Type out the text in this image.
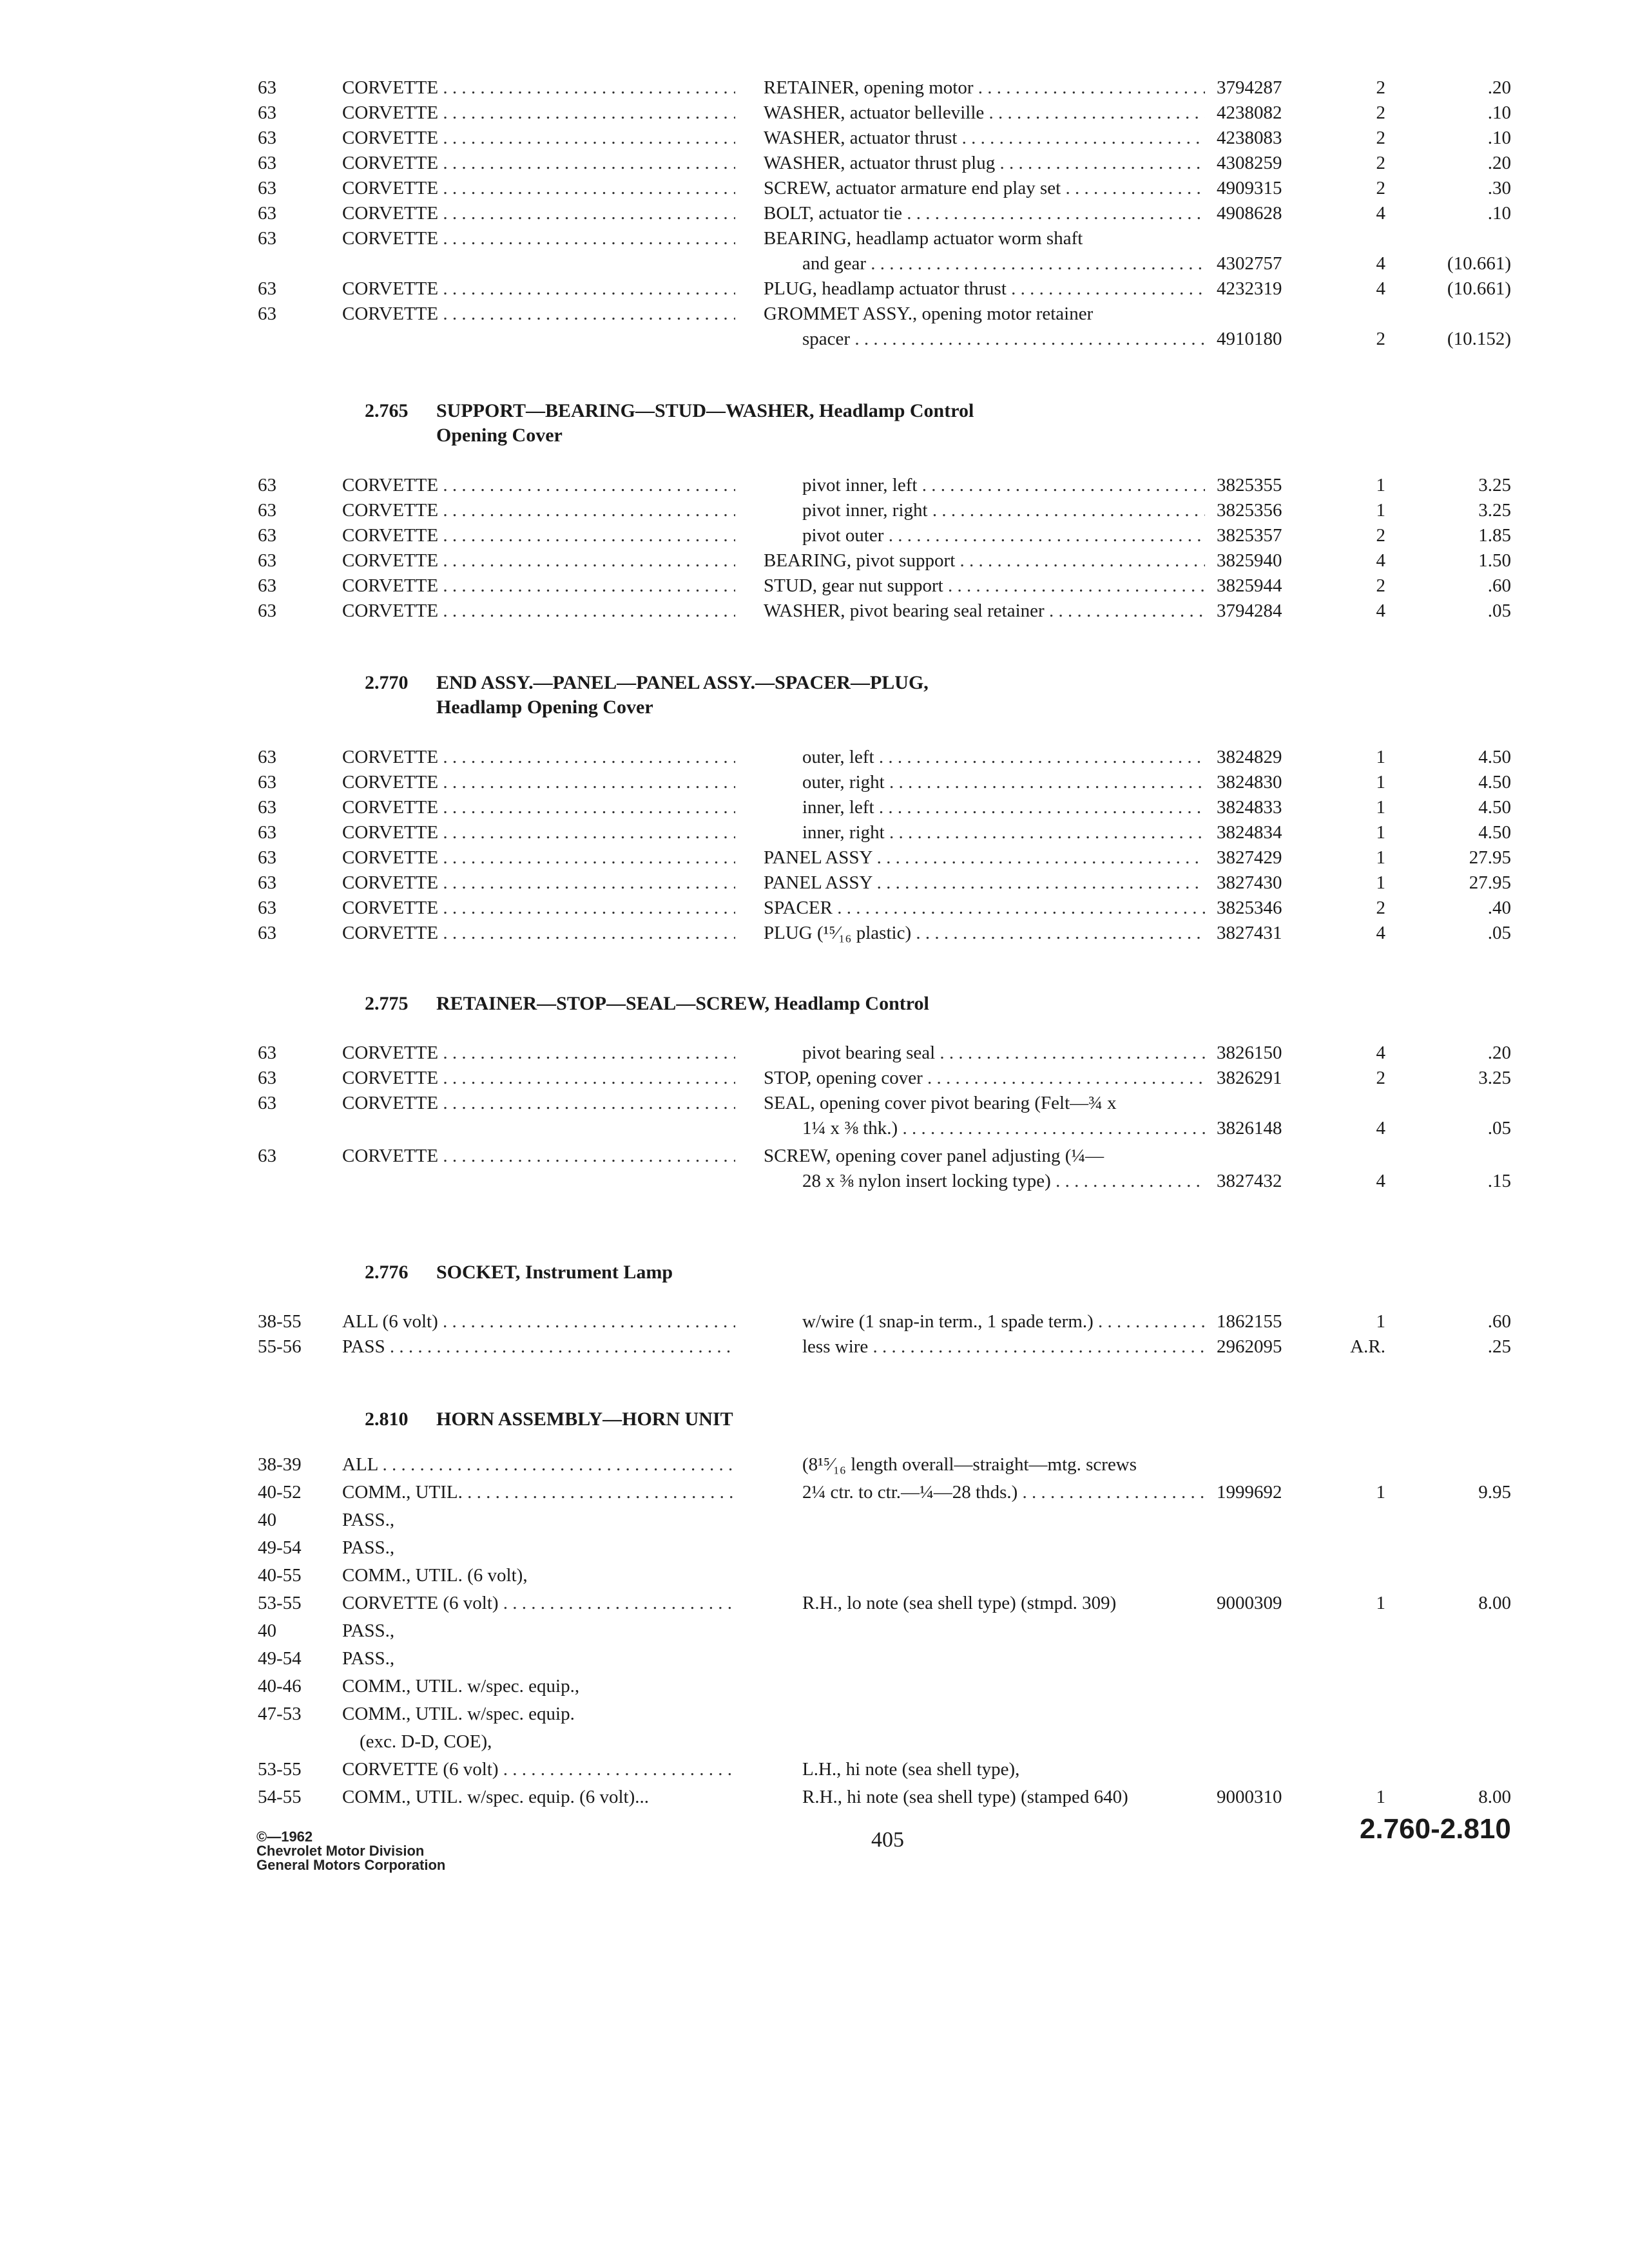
63	CORVETTE . . .	RETAINER, opening motor . . .	3794287	2	.20
63	CORVETTE . . .	WASHER, actuator belleville . . .	4238082	2	.10
63	CORVETTE . . .	WASHER, actuator thrust . . .	4238083	2	.10
63	CORVETTE . . .	WASHER, actuator thrust plug . . .	4308259	2	.20
63	CORVETTE . . .	SCREW, actuator armature end play set . . .	4909315	2	.30
63	CORVETTE . . .	BOLT, actuator tie . . .	4908628	4	.10
63	CORVETTE . . .	BEARING, headlamp actuator worm shaft
and gear . . .	4302757	4	(10.661)
63	CORVETTE . . .	PLUG, headlamp actuator thrust . . .	4232319	4	(10.661)
63	CORVETTE . . .	GROMMET ASSY., opening motor retainer
spacer . . .	4910180	2	(10.152)
2.765 SUPPORT—BEARING—STUD—WASHER, Headlamp Control
Opening Cover
63	CORVETTE . . .	pivot inner, left . . .	3825355	1	3.25
63	CORVETTE . . .	pivot inner, right . . .	3825356	1	3.25
63	CORVETTE . . .	pivot outer . . .	3825357	2	1.85
63	CORVETTE . . .	BEARING, pivot support . . .	3825940	4	1.50
63	CORVETTE . . .	STUD, gear nut support . . .	3825944	2	.60
63	CORVETTE . . .	WASHER, pivot bearing seal retainer . . .	3794284	4	.05
2.770 END ASSY.—PANEL—PANEL ASSY.—SPACER—PLUG,
Headlamp Opening Cover
63	CORVETTE . . .	outer, left . . .	3824829	1	4.50
63	CORVETTE . . .	outer, right . . .	3824830	1	4.50
63	CORVETTE . . .	inner, left . . .	3824833	1	4.50
63	CORVETTE . . .	inner, right . . .	3824834	1	4.50
63	CORVETTE . . .	PANEL ASSY . . .	3827429	1	27.95
63	CORVETTE . . .	PANEL ASSY . . .	3827430	1	27.95
63	CORVETTE . . .	SPACER . . .	3825346	2	.40
63	CORVETTE . . .	PLUG (¹⁵⁄₁₆ plastic) . . .	3827431	4	.05
2.775 RETAINER—STOP—SEAL—SCREW, Headlamp Control
63	CORVETTE . . .	pivot bearing seal . . .	3826150	4	.20
63	CORVETTE . . .	STOP, opening cover . . .	3826291	2	3.25
63	CORVETTE . . .	SEAL, opening cover pivot bearing (Felt—¾ x
1¼ x ⅜ thk.) . . .	3826148	4	.05
63	CORVETTE . . .	SCREW, opening cover panel adjusting (¼—
28 x ⅜ nylon insert locking type) . . .	3827432	4	.15
2.776 SOCKET, Instrument Lamp
38-55	ALL (6 volt) . . .	w/wire (1 snap-in term., 1 spade term.) . . .	1862155	1	.60
55-56	PASS . . .	less wire . . .	2962095	A.R.	.25
2.810 HORN ASSEMBLY—HORN UNIT
38-39	ALL . . .	(8¹⁵⁄₁₆ length overall—straight—mtg. screws
40-52	COMM., UTIL. . . .	2¼ ctr. to ctr.—¼—28 thds.) . . .	1999692	1	9.95
40	PASS.,
49-54	PASS.,
40-55	COMM., UTIL. (6 volt),
53-55	CORVETTE (6 volt) . . .	R.H., lo note (sea shell type) (stmpd. 309)	9000309	1	8.00
40	PASS.,
49-54	PASS.,
40-46	COMM., UTIL. w/spec. equip.,
47-53	COMM., UTIL. w/spec. equip.
(exc. D-D, COE),
53-55	CORVETTE (6 volt) . . .	L.H., hi note (sea shell type),
54-55	COMM., UTIL. w/spec. equip. (6 volt)...	R.H., hi note (sea shell type) (stamped 640)	9000310	1	8.00
©—1962
Chevrolet Motor Division
General Motors Corporation
405	2.760-2.810
